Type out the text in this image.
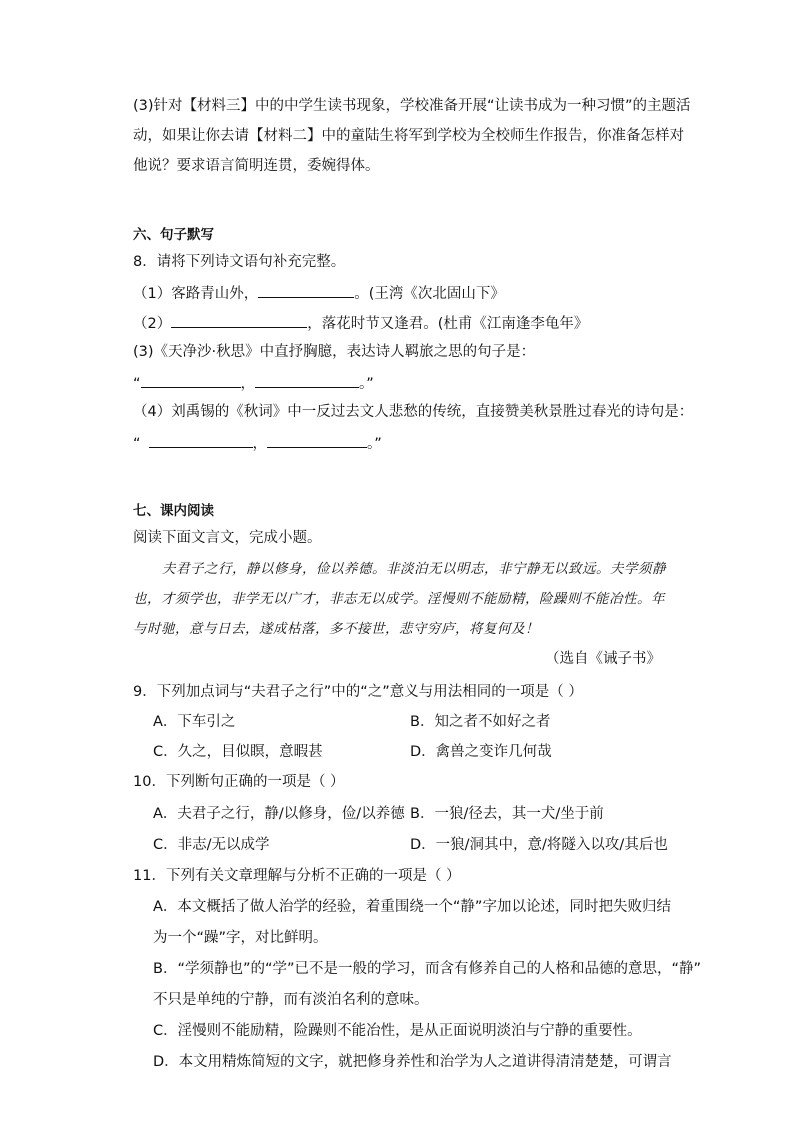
(3)针对【材料三】中的中学生读书现象，学校准备开展“让读书成为一种习惯”的主题活
动，如果让你去请【材料二】中的童陆生将军到学校为全校师生作报告，你准备怎样对
他说？要求语言简明连贯，委婉得体。
六、句子默写
8．请将下列诗文语句补充完整。
（1）客路青山外，	。(王湾《次北固山下》
（2）	，落花时节又逢君。(杜甫《江南逢李龟年》
(3)《天净沙·秋思》中直抒胸臆，表达诗人羁旅之思的句子是：
“	，	。”
（4）刘禹锡的《秋词》中一反过去文人悲愁的传统，直接赞美秋景胜过春光的诗句是：
“	，	。”
七、课内阅读
阅读下面文言文，完成小题。
夫君子之行，静以修身，俭以养德。非淡泊无以明志，非宁静无以致远。夫学须静
也，才须学也，非学无以广才，非志无以成学。淫慢则不能励精，险躁则不能冶性。年
与时驰，意与日去，遂成枯落，多不接世，悲守穷庐，将复何及！
（选自《诫子书》
9．下列加点词与“夫君子之行”中的“之”意义与用法相同的一项是（ ）
A．下车引之	B．知之者不如好之者
C．久之，目似瞑，意暇甚	D．禽兽之变诈几何哉
10．下列断句正确的一项是（ ）
A．夫君子之行，静/以修身，俭/以养德 B．一狼/径去，其一犬/坐于前
C．非志/无以成学	D．一狼/洞其中，意/将隧入以攻/其后也
11．下列有关文章理解与分析不正确的一项是（ ）
A．本文概括了做人治学的经验，着重围绕一个“静”字加以论述，同时把失败归结
为一个“躁”字，对比鲜明。
B．“学须静也”的“学”已不是一般的学习，而含有修养自己的人格和品德的意思，“静”
不只是单纯的宁静，而有淡泊名利的意味。
C．淫慢则不能励精，险躁则不能冶性，是从正面说明淡泊与宁静的重要性。
D．本文用精炼简短的文字，就把修身养性和治学为人之道讲得清清楚楚，可谓言
